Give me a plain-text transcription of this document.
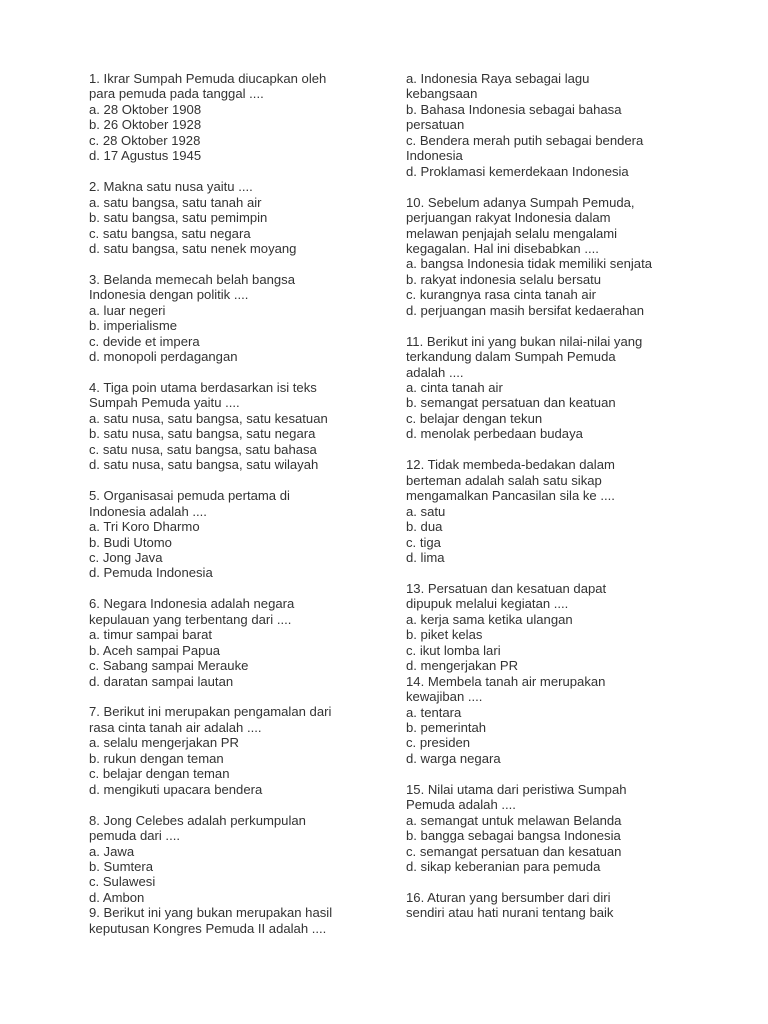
1. Ikrar Sumpah Pemuda diucapkan oleh
para pemuda pada tanggal ....
a. 28 Oktober 1908
b. 26 Oktober 1928
c. 28 Oktober 1928
d. 17 Agustus 1945
2. Makna satu nusa yaitu ....
a. satu bangsa, satu tanah air
b. satu bangsa, satu pemimpin
c. satu bangsa, satu negara
d. satu bangsa, satu nenek moyang
3. Belanda memecah belah bangsa
Indonesia dengan politik ....
a. luar negeri
b. imperialisme
c. devide et impera
d. monopoli perdagangan
4. Tiga poin utama berdasarkan isi teks
Sumpah Pemuda yaitu ....
a. satu nusa, satu bangsa, satu kesatuan
b. satu nusa, satu bangsa, satu negara
c. satu nusa, satu bangsa, satu bahasa
d. satu nusa, satu bangsa, satu wilayah
5. Organisasai pemuda pertama di
Indonesia adalah ....
a. Tri Koro Dharmo
b. Budi Utomo
c. Jong Java
d. Pemuda Indonesia
6. Negara Indonesia adalah negara
kepulauan yang terbentang dari ....
a. timur sampai barat
b. Aceh sampai Papua
c. Sabang sampai Merauke
d. daratan sampai lautan
7. Berikut ini merupakan pengamalan dari
rasa cinta tanah air adalah ....
a. selalu mengerjakan PR
b. rukun dengan teman
c. belajar dengan teman
d. mengikuti upacara bendera
8. Jong Celebes adalah perkumpulan
pemuda dari ....
a. Jawa
b. Sumtera
c. Sulawesi
d. Ambon
9. Berikut ini yang bukan merupakan hasil
keputusan Kongres Pemuda II adalah ....
a. Indonesia Raya sebagai lagu
kebangsaan
b. Bahasa Indonesia sebagai bahasa
persatuan
c. Bendera merah putih sebagai bendera
Indonesia
d. Proklamasi kemerdekaan Indonesia
10. Sebelum adanya Sumpah Pemuda,
perjuangan rakyat Indonesia dalam
melawan penjajah selalu mengalami
kegagalan. Hal ini disebabkan ....
a. bangsa Indonesia tidak memiliki senjata
b. rakyat indonesia selalu bersatu
c. kurangnya rasa cinta tanah air
d. perjuangan masih bersifat kedaerahan
11. Berikut ini yang bukan nilai-nilai yang
terkandung dalam Sumpah Pemuda
adalah ....
a. cinta tanah air
b. semangat persatuan dan keatuan
c. belajar dengan tekun
d. menolak perbedaan budaya
12. Tidak membeda-bedakan dalam
berteman adalah salah satu sikap
mengamalkan Pancasilan sila ke ....
a. satu
b. dua
c. tiga
d. lima
13. Persatuan dan kesatuan dapat
dipupuk melalui kegiatan ....
a. kerja sama ketika ulangan
b. piket kelas
c. ikut lomba lari
d. mengerjakan PR
14. Membela tanah air merupakan
kewajiban ....
a. tentara
b. pemerintah
c. presiden
d. warga negara
15. Nilai utama dari peristiwa Sumpah
Pemuda adalah ....
a. semangat untuk melawan Belanda
b. bangga sebagai bangsa Indonesia
c. semangat persatuan dan kesatuan
d. sikap keberanian para pemuda
16. Aturan yang bersumber dari diri
sendiri atau hati nurani tentang baik
